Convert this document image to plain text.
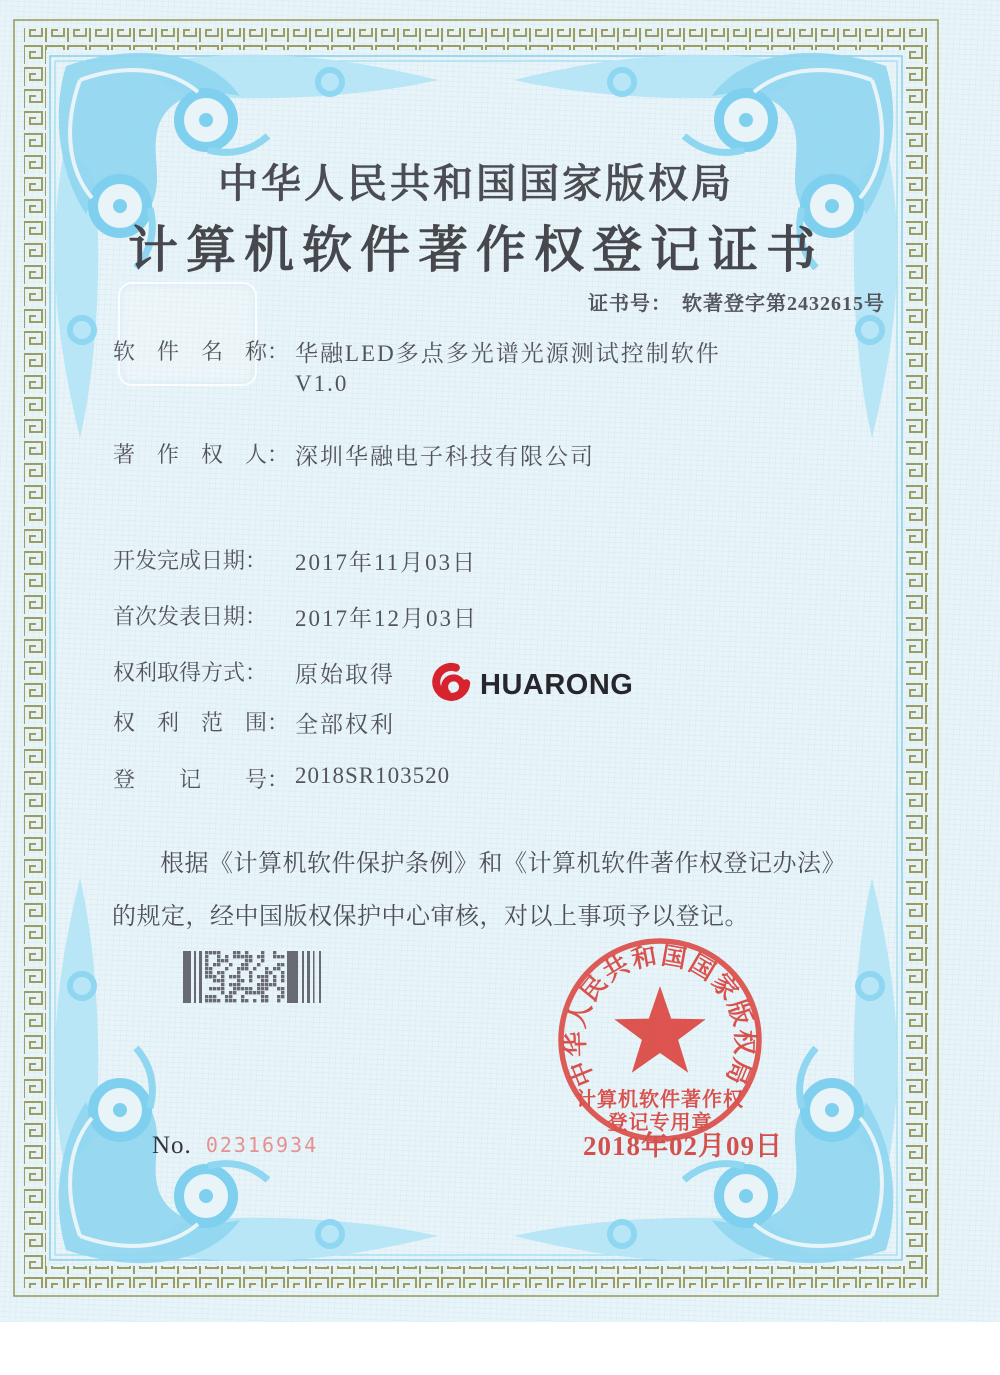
中华人民共和国国家版权局
计算机软件著作权登记证书
证书号： 软著登字第2432615号
软　件　名　称： 华融LED多点多光谱光源测试控制软件
V1.0
著　作　权　人： 深圳华融电子科技有限公司
开发完成日期： 2017年11月03日
首次发表日期： 2017年12月03日
权利取得方式： 原始取得
权　利　范　围： 全部权利
登　　记　　号： 2018SR103520
HUARONG
根据《计算机软件保护条例》和《计算机软件著作权登记办法》的规定，经中国版权保护中心审核，对以上事项予以登记。
中华人民共和国国家版权局
计算机软件著作权
登记专用章
2018年02月09日
No. 02316934
